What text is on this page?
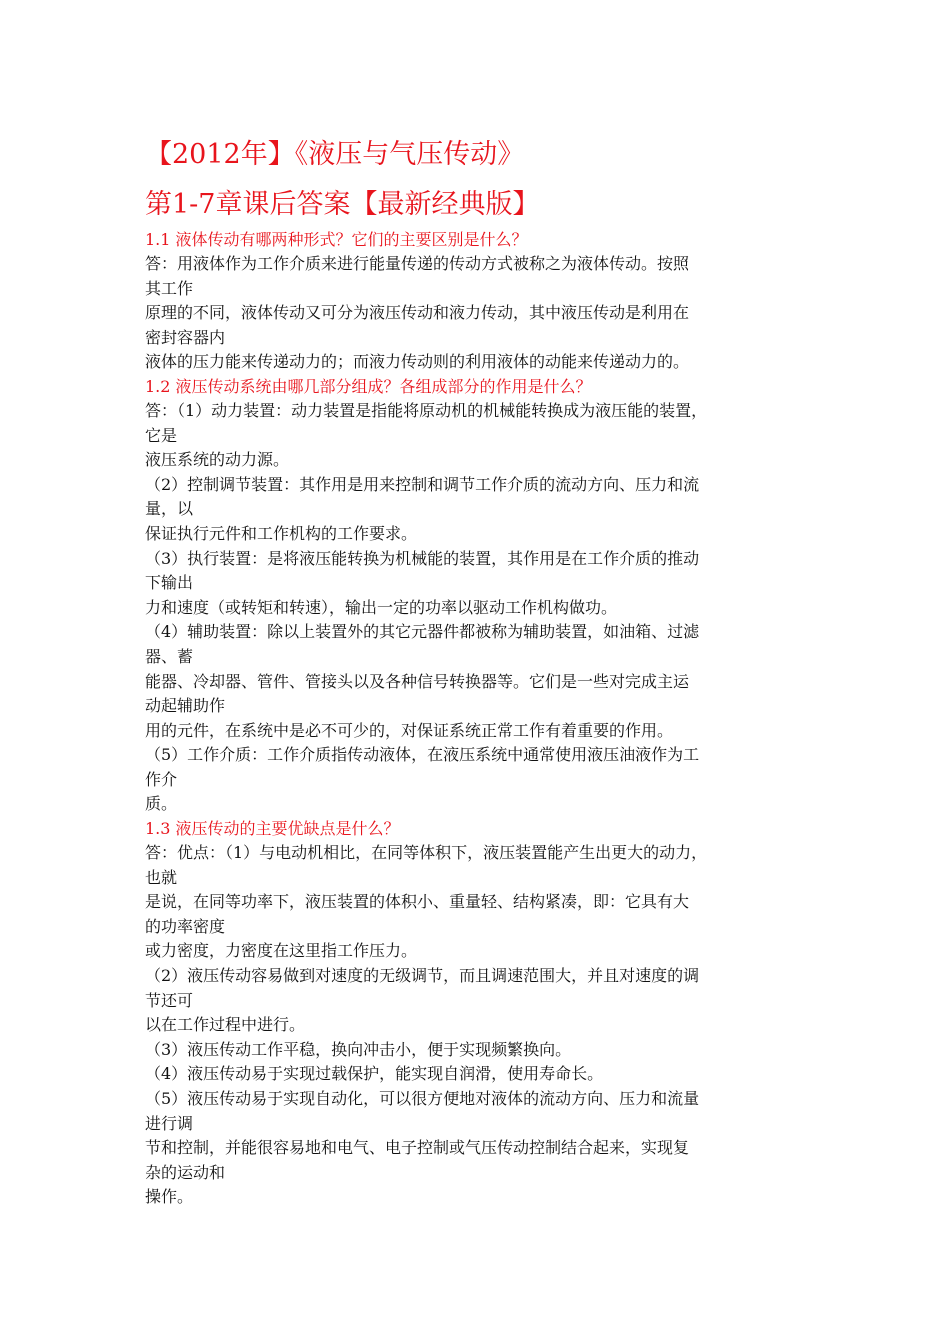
【2012年】《液压与气压传动》
第1-7章课后答案【最新经典版】
1.1 液体传动有哪两种形式？它们的主要区别是什么？
答：用液体作为工作介质来进行能量传递的传动方式被称之为液体传动。按照
其工作
原理的不同，液体传动又可分为液压传动和液力传动，其中液压传动是利用在
密封容器内
液体的压力能来传递动力的；而液力传动则的利用液体的动能来传递动力的。
1.2 液压传动系统由哪几部分组成？各组成部分的作用是什么？
答：（1）动力装置：动力装置是指能将原动机的机械能转换成为液压能的装置，
它是
液压系统的动力源。
（2）控制调节装置：其作用是用来控制和调节工作介质的流动方向、压力和流
量，以
保证执行元件和工作机构的工作要求。
（3）执行装置：是将液压能转换为机械能的装置，其作用是在工作介质的推动
下输出
力和速度（或转矩和转速），输出一定的功率以驱动工作机构做功。
（4）辅助装置：除以上装置外的其它元器件都被称为辅助装置，如油箱、过滤
器、蓄
能器、冷却器、管件、管接头以及各种信号转换器等。它们是一些对完成主运
动起辅助作
用的元件，在系统中是必不可少的，对保证系统正常工作有着重要的作用。
（5）工作介质：工作介质指传动液体，在液压系统中通常使用液压油液作为工
作介
质。
1.3 液压传动的主要优缺点是什么？
答：优点：（1）与电动机相比，在同等体积下，液压装置能产生出更大的动力，
也就
是说，在同等功率下，液压装置的体积小、重量轻、结构紧凑，即：它具有大
的功率密度
或力密度，力密度在这里指工作压力。
（2）液压传动容易做到对速度的无级调节，而且调速范围大，并且对速度的调
节还可
以在工作过程中进行。
（3）液压传动工作平稳，换向冲击小，便于实现频繁换向。
（4）液压传动易于实现过载保护，能实现自润滑，使用寿命长。
（5）液压传动易于实现自动化，可以很方便地对液体的流动方向、压力和流量
进行调
节和控制，并能很容易地和电气、电子控制或气压传动控制结合起来，实现复
杂的运动和
操作。
